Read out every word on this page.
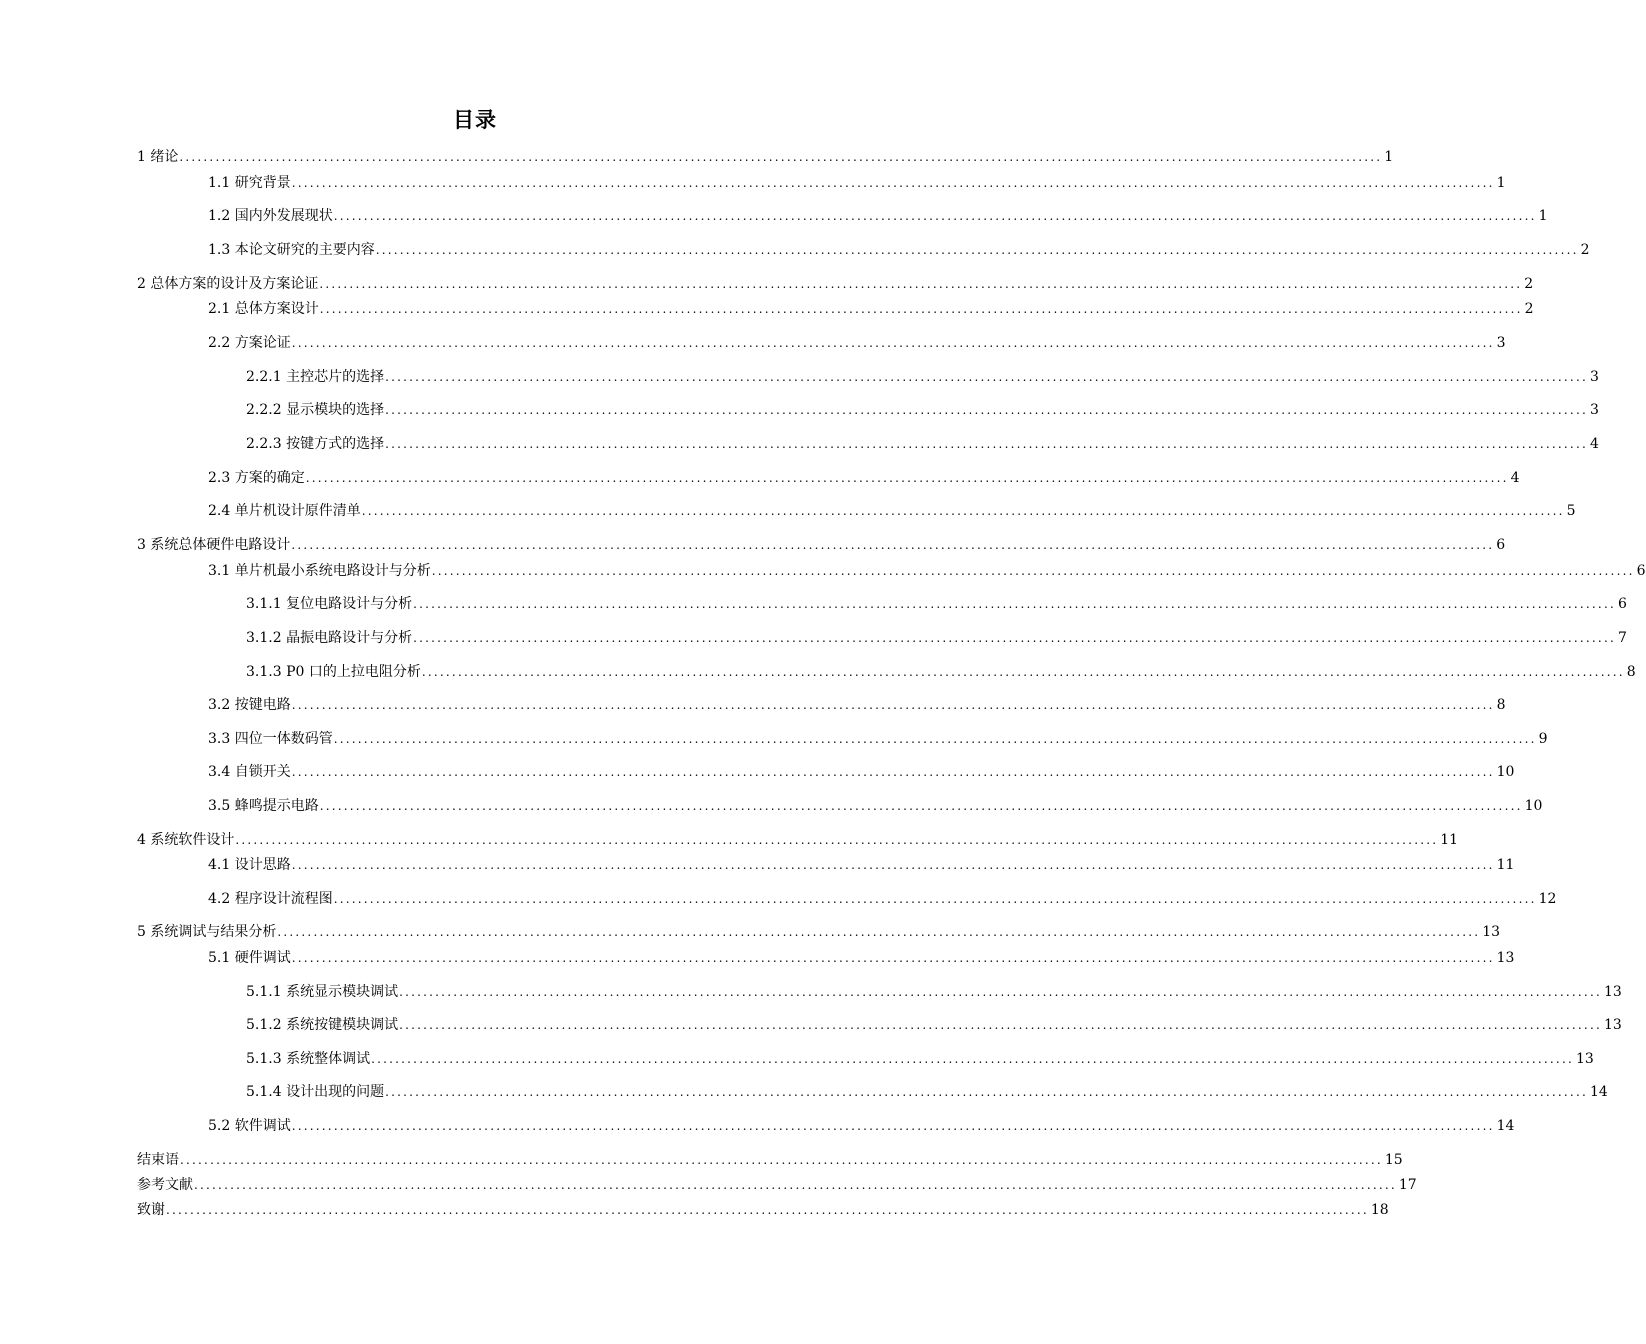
目录
1 绪论 ........................................................................................................................................................................................................ 1
1.1 研究背景 ........................................................................................................................................................................................................ 1
1.2 国内外发展现状 ........................................................................................................................................................................................................ 1
1.3 本论文研究的主要内容 ........................................................................................................................................................................................................ 2
2 总体方案的设计及方案论证 ........................................................................................................................................................................................................ 2
2.1 总体方案设计 ........................................................................................................................................................................................................ 2
2.2 方案论证 ........................................................................................................................................................................................................ 3
2.2.1 主控芯片的选择 ........................................................................................................................................................................................................ 3
2.2.2 显示模块的选择 ........................................................................................................................................................................................................ 3
2.2.3 按键方式的选择 ........................................................................................................................................................................................................ 4
2.3 方案的确定 ........................................................................................................................................................................................................ 4
2.4 单片机设计原件清单 ........................................................................................................................................................................................................ 5
3 系统总体硬件电路设计 ........................................................................................................................................................................................................ 6
3.1 单片机最小系统电路设计与分析 ........................................................................................................................................................................................................ 6
3.1.1 复位电路设计与分析 ........................................................................................................................................................................................................ 6
3.1.2 晶振电路设计与分析 ........................................................................................................................................................................................................ 7
3.1.3 P0 口的上拉电阻分析 ........................................................................................................................................................................................................ 8
3.2 按键电路 ........................................................................................................................................................................................................ 8
3.3 四位一体数码管 ........................................................................................................................................................................................................ 9
3.4 自锁开关 ........................................................................................................................................................................................................ 10
3.5 蜂鸣提示电路 ........................................................................................................................................................................................................ 10
4 系统软件设计 ........................................................................................................................................................................................................ 11
4.1 设计思路 ........................................................................................................................................................................................................ 11
4.2 程序设计流程图 ........................................................................................................................................................................................................ 12
5 系统调试与结果分析 ........................................................................................................................................................................................................ 13
5.1 硬件调试 ........................................................................................................................................................................................................ 13
5.1.1 系统显示模块调试 ........................................................................................................................................................................................................ 13
5.1.2 系统按键模块调试 ........................................................................................................................................................................................................ 13
5.1.3 系统整体调试 ........................................................................................................................................................................................................ 13
5.1.4 设计出现的问题 ........................................................................................................................................................................................................ 14
5.2 软件调试 ........................................................................................................................................................................................................ 14
结束语 ........................................................................................................................................................................................................ 15
参考文献 ........................................................................................................................................................................................................ 17
致谢 ........................................................................................................................................................................................................ 18
